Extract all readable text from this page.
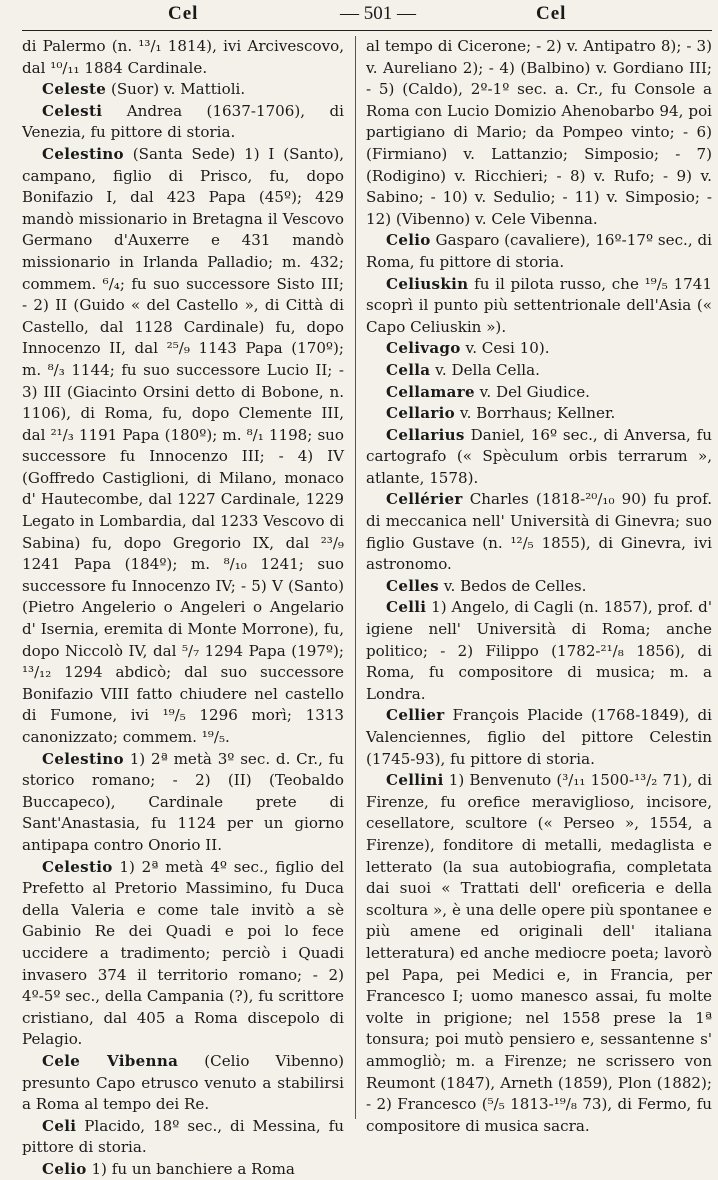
Cel	— 501 —	Cel

di Palermo (n. ¹³/₁ 1814), ivi Arcivescovo, dal ¹⁰/₁₁ 1884 Cardinale.

Celeste (Suor) v. Mattioli.

Celesti Andrea (1637-1706), di Venezia, fu pittore di storia.

Celestino (Santa Sede) 1) I (Santo), campano, figlio di Prisco, fu, dopo Bonifazio I, dal 423 Papa (45º); 429 mandò missionario in Bretagna il Vescovo Germano d'Auxerre e 431 mandò missionario in Irlanda Palladio; m. 432; commem. ⁶/₄; fu suo successore Sisto III; - 2) II (Guido « del Castello », di Città di Castello, dal 1128 Cardinale) fu, dopo Innocenzo II, dal ²⁵/₉ 1143 Papa (170º); m. ⁸/₃ 1144; fu suo successore Lucio II; - 3) III (Giacinto Orsini detto di Bobone, n. 1106), di Roma, fu, dopo Clemente III, dal ²¹/₃ 1191 Papa (180º); m. ⁸/₁ 1198; suo successore fu Innocenzo III; - 4) IV (Goffredo Castiglioni, di Milano, monaco d' Hautecombe, dal 1227 Cardinale, 1229 Legato in Lombardia, dal 1233 Vescovo di Sabina) fu, dopo Gregorio IX, dal ²³/₉ 1241 Papa (184º); m. ⁸/₁₀ 1241; suo successore fu Innocenzo IV; - 5) V (Santo) (Pietro Angelerio o Angeleri o Angelario d' Isernia, eremita di Monte Morrone), fu, dopo Niccolò IV, dal ⁵/₇ 1294 Papa (197º); ¹³/₁₂ 1294 abdicò; dal suo successore Bonifazio VIII fatto chiudere nel castello di Fumone, ivi ¹⁹/₅ 1296 morì; 1313 canonizzato; commem. ¹⁹/₅.

Celestino 1) 2ª metà 3º sec. d. Cr., fu storico romano; - 2) (II) (Teobaldo Buccapeco), Cardinale prete di Sant'Anastasia, fu 1124 per un giorno antipapa contro Onorio II.

Celestio 1) 2ª metà 4º sec., figlio del Prefetto al Pretorio Massimino, fu Duca della Valeria e come tale invitò a sè Gabinio Re dei Quadi e poi lo fece uccidere a tradimento; perciò i Quadi invasero 374 il territorio romano; - 2) 4º-5º sec., della Campania (?), fu scrittore cristiano, dal 405 a Roma discepolo di Pelagio.

Cele Vibenna (Celio Vibenno) presunto Capo etrusco venuto a stabilirsi a Roma al tempo dei Re.

Celi Placido, 18º sec., di Messina, fu pittore di storia.

Celio 1) fu un banchiere a Roma

al tempo di Cicerone; - 2) v. Antipatro 8); - 3) v. Aureliano 2); - 4) (Balbino) v. Gordiano III; - 5) (Caldo), 2º-1º sec. a. Cr., fu Console a Roma con Lucio Domizio Ahenobarbo 94, poi partigiano di Mario; da Pompeo vinto; - 6) (Firmiano) v. Lattanzio; Simposio; - 7) (Rodigino) v. Ricchieri; - 8) v. Rufo; - 9) v. Sabino; - 10) v. Sedulio; - 11) v. Simposio; - 12) (Vibenno) v. Cele Vibenna.

Celio Gasparo (cavaliere), 16º-17º sec., di Roma, fu pittore di storia.

Celiuskin fu il pilota russo, che ¹⁹/₅ 1741 scoprì il punto più settentrionale dell'Asia (« Capo Celiuskin »).

Celivago v. Cesi 10).

Cella v. Della Cella.

Cellamare v. Del Giudice.

Cellario v. Borrhaus; Kellner.

Cellarius Daniel, 16º sec., di Anversa, fu cartografo (« Spèculum orbis terrarum », atlante, 1578).

Cellérier Charles (1818-²⁰/₁₀ 90) fu prof. di meccanica nell' Università di Ginevra; suo figlio Gustave (n. ¹²/₅ 1855), di Ginevra, ivi astronomo.

Celles v. Bedos de Celles.

Celli 1) Angelo, di Cagli (n. 1857), prof. d' igiene nell' Università di Roma; anche politico; - 2) Filippo (1782-²¹/₈ 1856), di Roma, fu compositore di musica; m. a Londra.

Cellier François Placide (1768-1849), di Valenciennes, figlio del pittore Celestin (1745-93), fu pittore di storia.

Cellini 1) Benvenuto (³/₁₁ 1500-¹³/₂ 71), di Firenze, fu orefice meraviglioso, incisore, cesellatore, scultore (« Perseo », 1554, a Firenze), fonditore di metalli, medaglista e letterato (la sua autobiografia, completata dai suoi « Trattati dell' oreficeria e della scoltura », è una delle opere più spontanee e più amene ed originali dell' italiana letteratura) ed anche mediocre poeta; lavorò pel Papa, pei Medici e, in Francia, per Francesco I; uomo manesco assai, fu molte volte in prigione; nel 1558 prese la 1ª tonsura; poi mutò pensiero e, sessantenne s' ammogliò; m. a Firenze; ne scrissero von Reumont (1847), Arneth (1859), Plon (1882); - 2) Francesco (⁵/₅ 1813-¹⁹/₈ 73), di Fermo, fu compositore di musica sacra.
